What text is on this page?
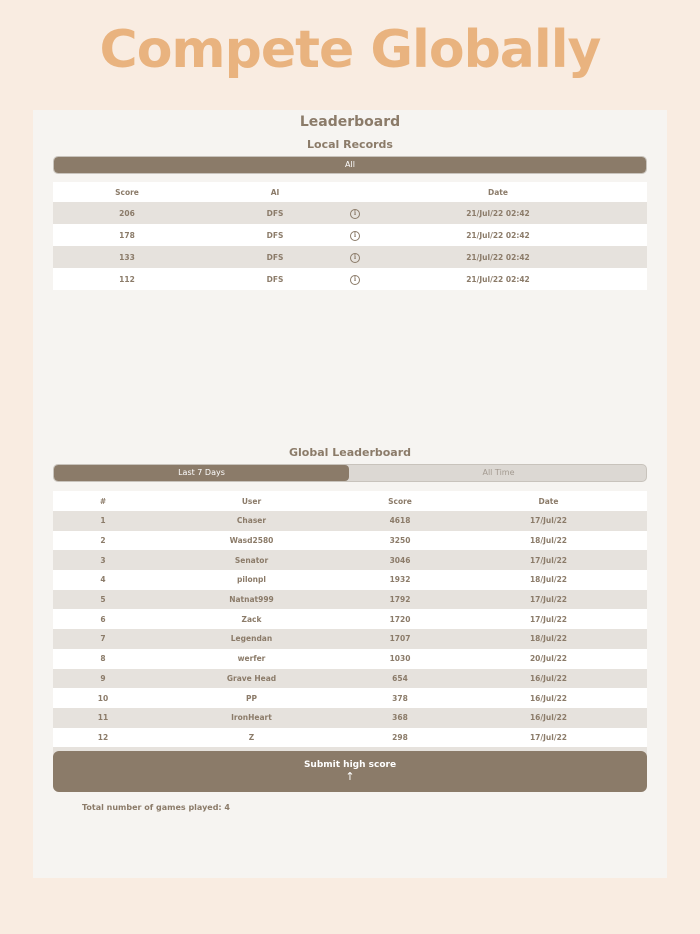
Compete Globally
Leaderboard
Local Records
All
Score	AI		Date
206	DFS	i	21/Jul/22 02:42
178	DFS	i	21/Jul/22 02:42
133	DFS	i	21/Jul/22 02:42
112	DFS	i	21/Jul/22 02:42
Global Leaderboard
Last 7 Days	All Time
#	User	Score	Date
1	Chaser	4618	17/Jul/22
2	Wasd2580	3250	18/Jul/22
3	Senator	3046	17/Jul/22
4	pilonpl	1932	18/Jul/22
5	Natnat999	1792	17/Jul/22
6	Zack	1720	17/Jul/22
7	Legendan	1707	18/Jul/22
8	werfer	1030	20/Jul/22
9	Grave Head	654	16/Jul/22
10	PP	378	16/Jul/22
11	IronHeart	368	16/Jul/22
12	Z	298	17/Jul/22

Submit high score
↑
Total number of games played: 4
